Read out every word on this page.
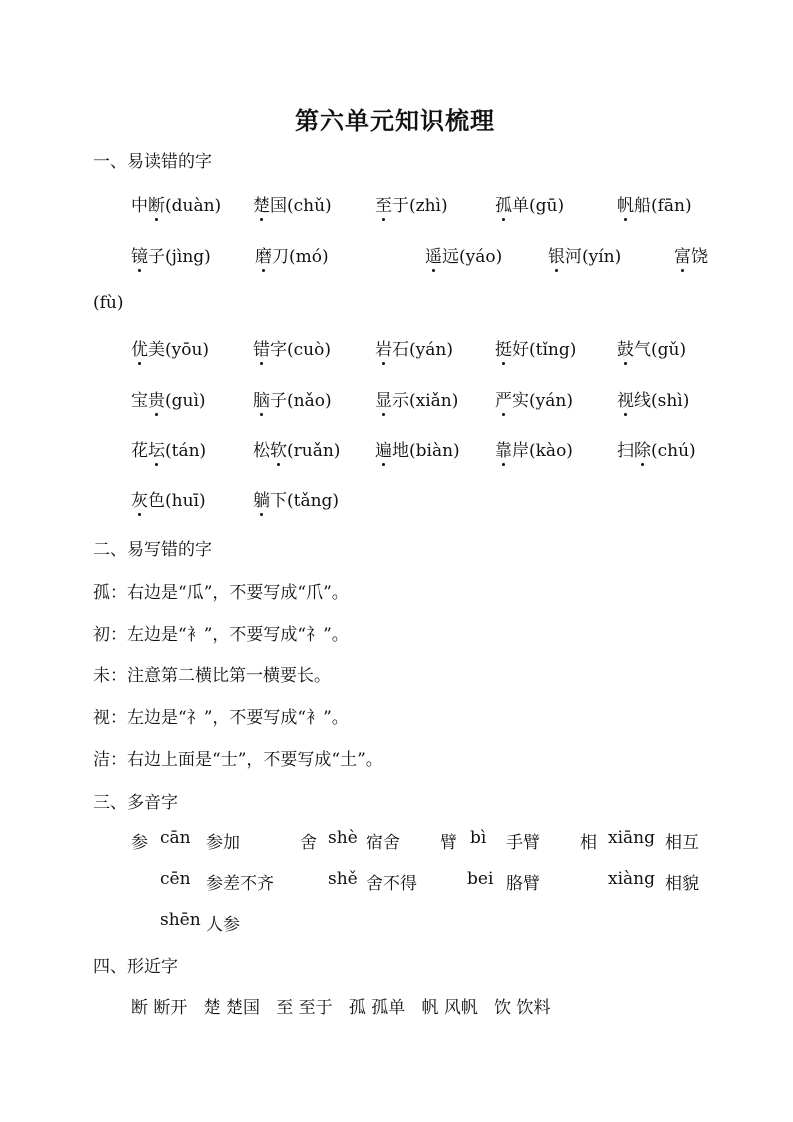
第六单元知识梳理
一、易读错的字
中断(duàn) 楚国(chǔ)	至于(zhì)	孤单(gū)	帆船(fān)
镜子(jìng)	磨刀(mó)	遥远(yáo)	银河(yín)	富饶
(fù)
优美(yōu)	错字(cuò)	岩石(yán) 挺好(tǐng) 鼓气(gǔ)
宝贵(guì)	脑子(nǎo)	显示(xiǎn) 严实(yán)	视线(shì)
花坛(tán)	松软(ruǎn) 遍地(biàn) 靠岸(kào)	扫除(chú)
灰色(huī)	躺下(tǎng)
二、易写错的字
孤：右边是“瓜”，不要写成“爪”。
初：左边是“衤”，不要写成“礻”。
未：注意第二横比第一横要长。
视：左边是“礻”，不要写成“衤”。
洁：右边上面是“士”，不要写成“土”。
三、多音字
参 cān 参加
cēn 参差不齐
shēn 人参
舍 shè 宿舍
shě 舍不得
臂 bì 手臂
bei 胳臂
相 xiāng 相互
xiàng 相貌
四、形近字
断 断开   楚 楚国   至 至于   孤 孤单   帆 风帆   饮 饮料
